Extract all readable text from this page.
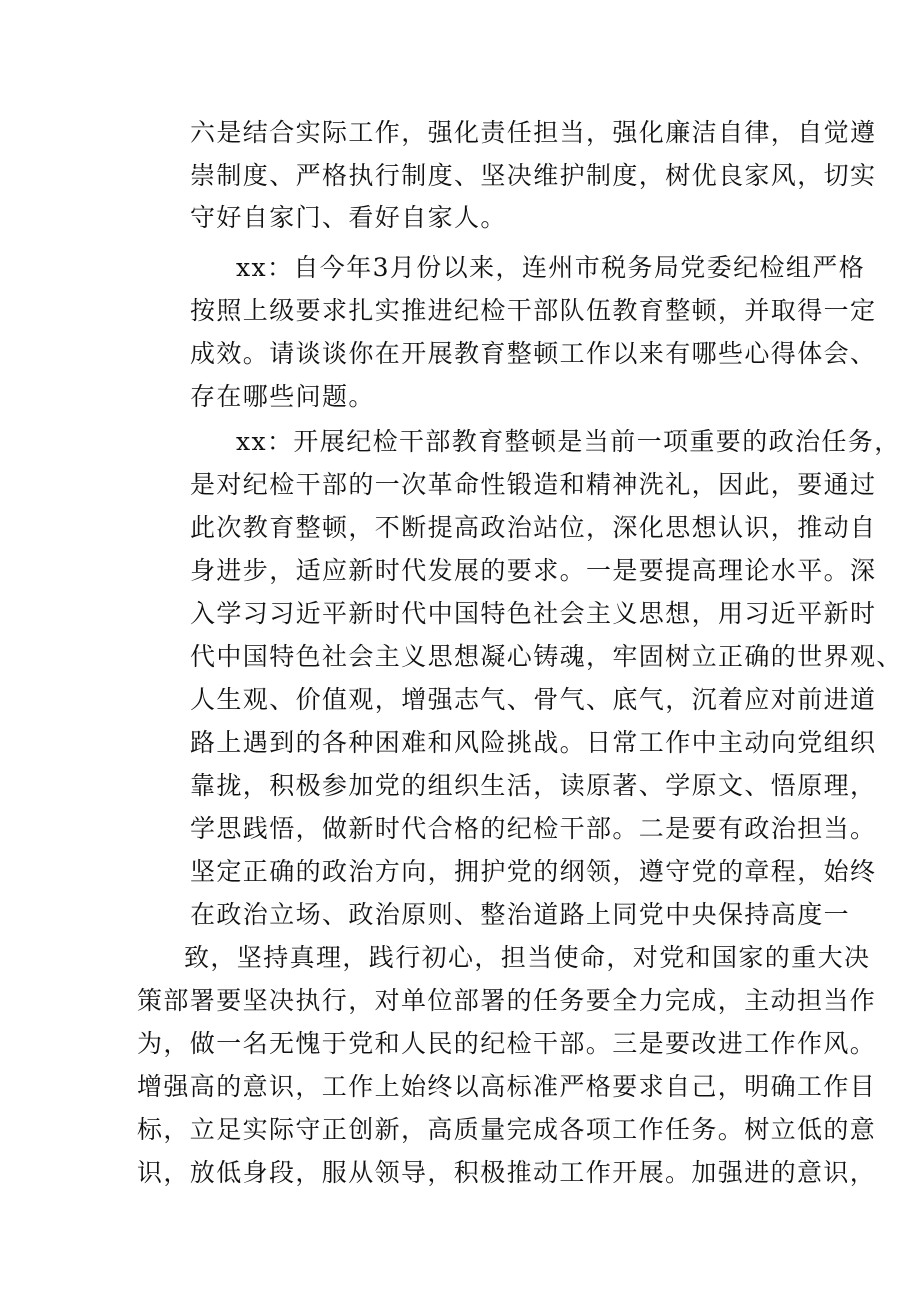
六是结合实际工作，强化责任担当，强化廉洁自律，自觉遵
崇制度、严格执行制度、坚决维护制度，树优良家风，切实
守好自家门、看好自家人。
xx：自今年3月份以来，连州市税务局党委纪检组严格
按照上级要求扎实推进纪检干部队伍教育整顿，并取得一定
成效。请谈谈你在开展教育整顿工作以来有哪些心得体会、
存在哪些问题。
xx：开展纪检干部教育整顿是当前一项重要的政治任务，
是对纪检干部的一次革命性锻造和精神洗礼，因此，要通过
此次教育整顿，不断提高政治站位，深化思想认识，推动自
身进步，适应新时代发展的要求。一是要提高理论水平。深
入学习习近平新时代中国特色社会主义思想，用习近平新时
代中国特色社会主义思想凝心铸魂，牢固树立正确的世界观、
人生观、价值观，增强志气、骨气、底气，沉着应对前进道
路上遇到的各种困难和风险挑战。日常工作中主动向党组织
靠拢，积极参加党的组织生活，读原著、学原文、悟原理，
学思践悟，做新时代合格的纪检干部。二是要有政治担当。
坚定正确的政治方向，拥护党的纲领，遵守党的章程，始终
在政治立场、政治原则、整治道路上同党中央保持高度一
致，坚持真理，践行初心，担当使命，对党和国家的重大决
策部署要坚决执行，对单位部署的任务要全力完成，主动担当作
为，做一名无愧于党和人民的纪检干部。三是要改进工作作风。
增强高的意识，工作上始终以高标准严格要求自己，明确工作目
标，立足实际守正创新，高质量完成各项工作任务。树立低的意
识，放低身段，服从领导，积极推动工作开展。加强进的意识，
